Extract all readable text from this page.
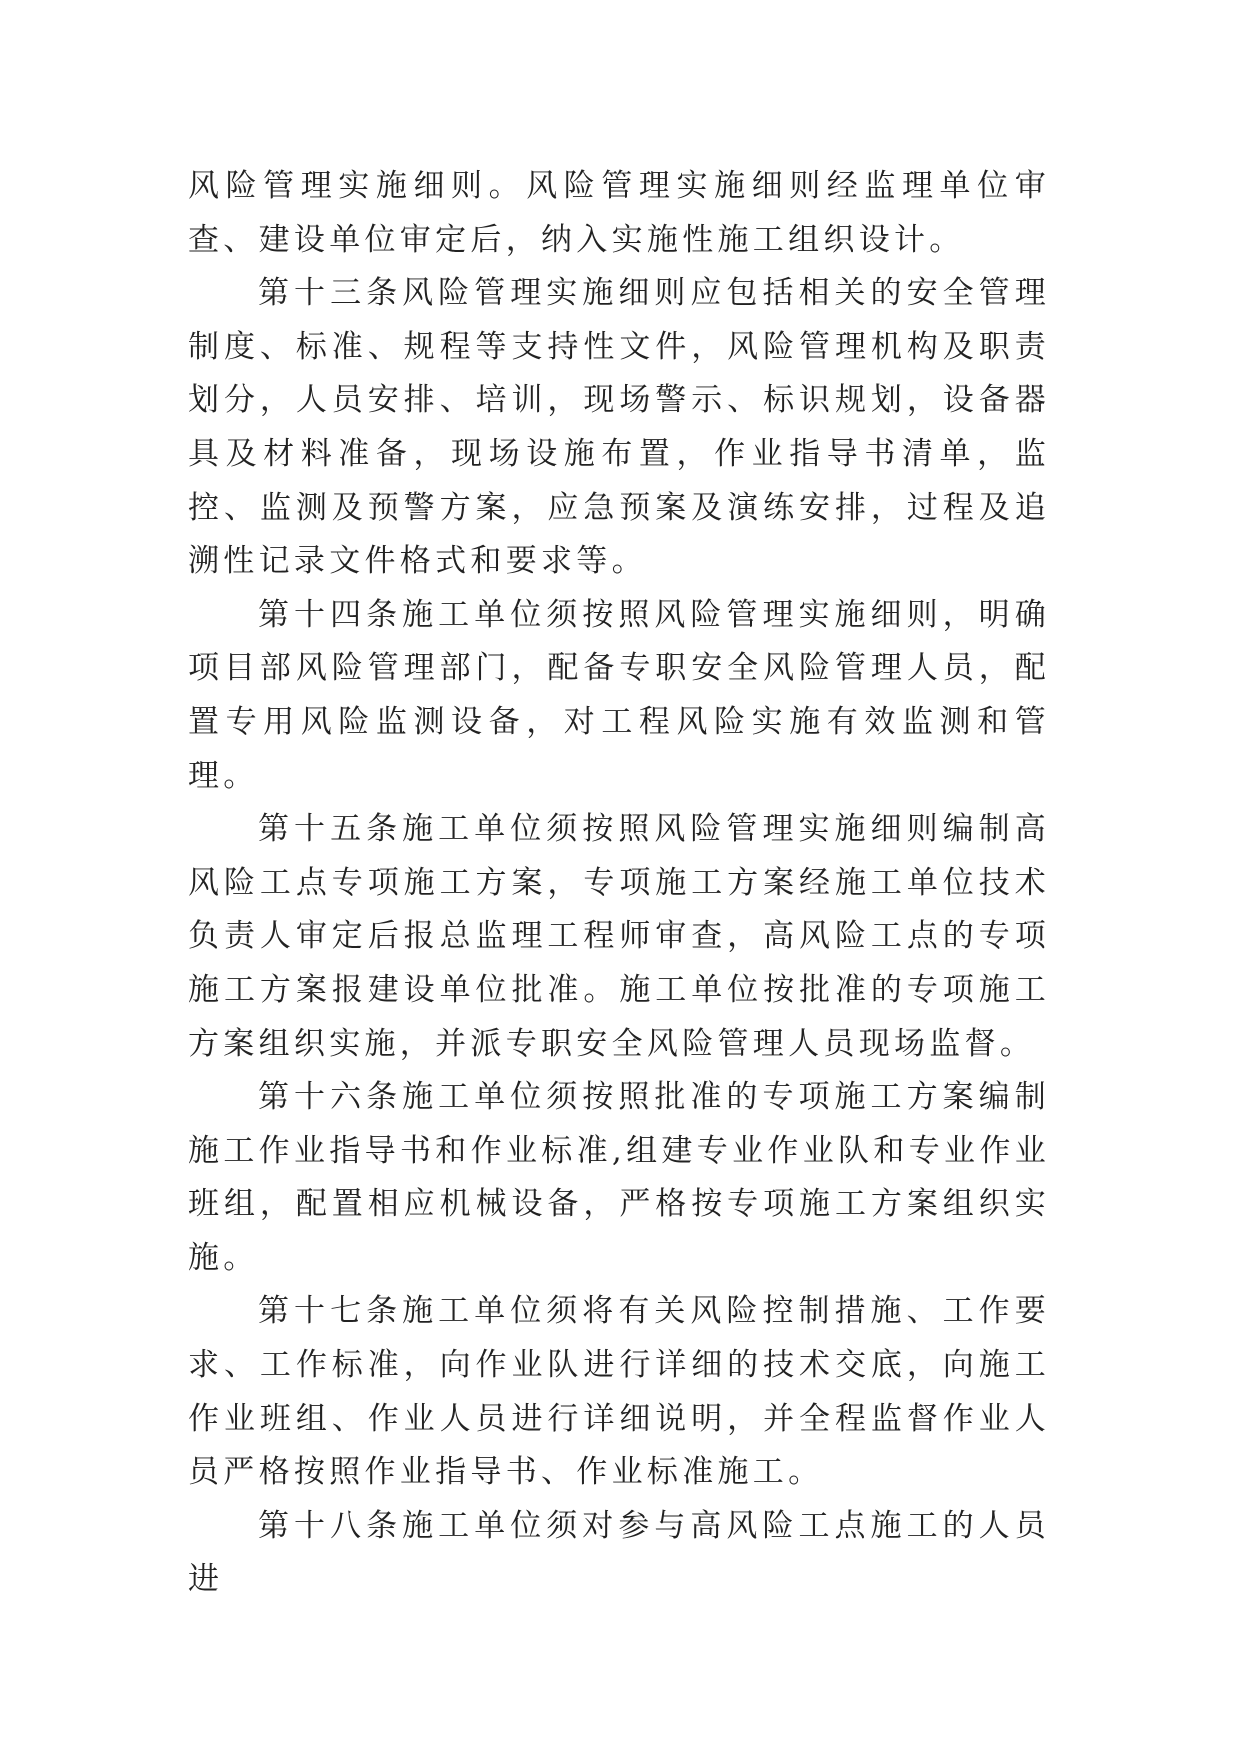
风险管理实施细则。风险管理实施细则经监理单位审查、建设单位审定后，纳入实施性施工组织设计。

第十三条风险管理实施细则应包括相关的安全管理制度、标准、规程等支持性文件，风险管理机构及职责划分，人员安排、培训，现场警示、标识规划，设备器具及材料准备，现场设施布置，作业指导书清单，监控、监测及预警方案，应急预案及演练安排，过程及追溯性记录文件格式和要求等。

第十四条施工单位须按照风险管理实施细则，明确项目部风险管理部门，配备专职安全风险管理人员，配置专用风险监测设备，对工程风险实施有效监测和管理。

第十五条施工单位须按照风险管理实施细则编制高风险工点专项施工方案，专项施工方案经施工单位技术负责人审定后报总监理工程师审查，高风险工点的专项施工方案报建设单位批准。施工单位按批准的专项施工方案组织实施，并派专职安全风险管理人员现场监督。

第十六条施工单位须按照批准的专项施工方案编制施工作业指导书和作业标准,组建专业作业队和专业作业班组，配置相应机械设备，严格按专项施工方案组织实施。

第十七条施工单位须将有关风险控制措施、工作要求、工作标准，向作业队进行详细的技术交底，向施工作业班组、作业人员进行详细说明，并全程监督作业人员严格按照作业指导书、作业标准施工。

第十八条施工单位须对参与高风险工点施工的人员进
